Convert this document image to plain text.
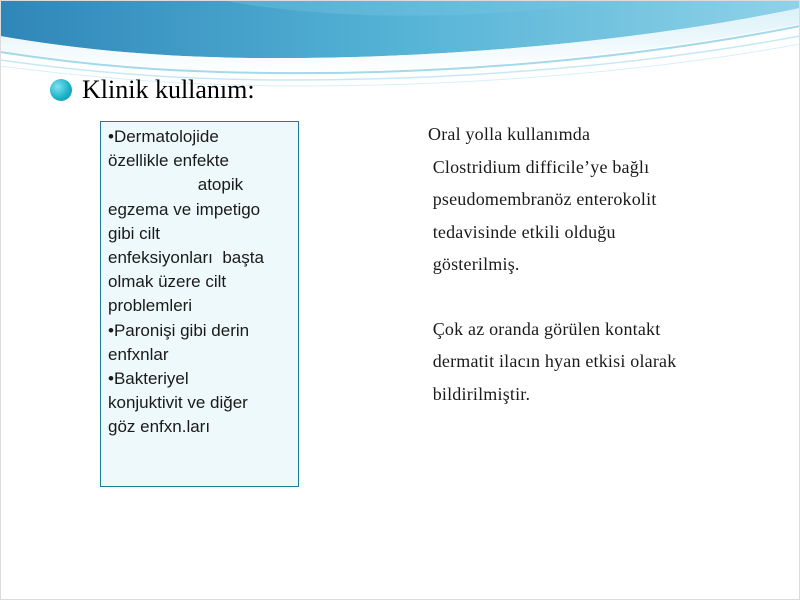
Klinik kullanım:
•Dermatolojide
özellikle enfekte
atopik
egzema ve impetigo
gibi cilt
enfeksiyonları  başta
olmak üzere cilt
problemleri
•Paronişi gibi derin
enfxnlar
•Bakteriyel
konjuktivit ve diğer
göz enfxn.ları
Oral yolla kullanımda
Clostridium difficile’ye bağlı
pseudomembranöz enterokolit
tedavisinde etkili olduğu
gösterilmiş.
Çok az oranda görülen kontakt
dermatit ilacın hyan etkisi olarak
bildirilmiştir.
